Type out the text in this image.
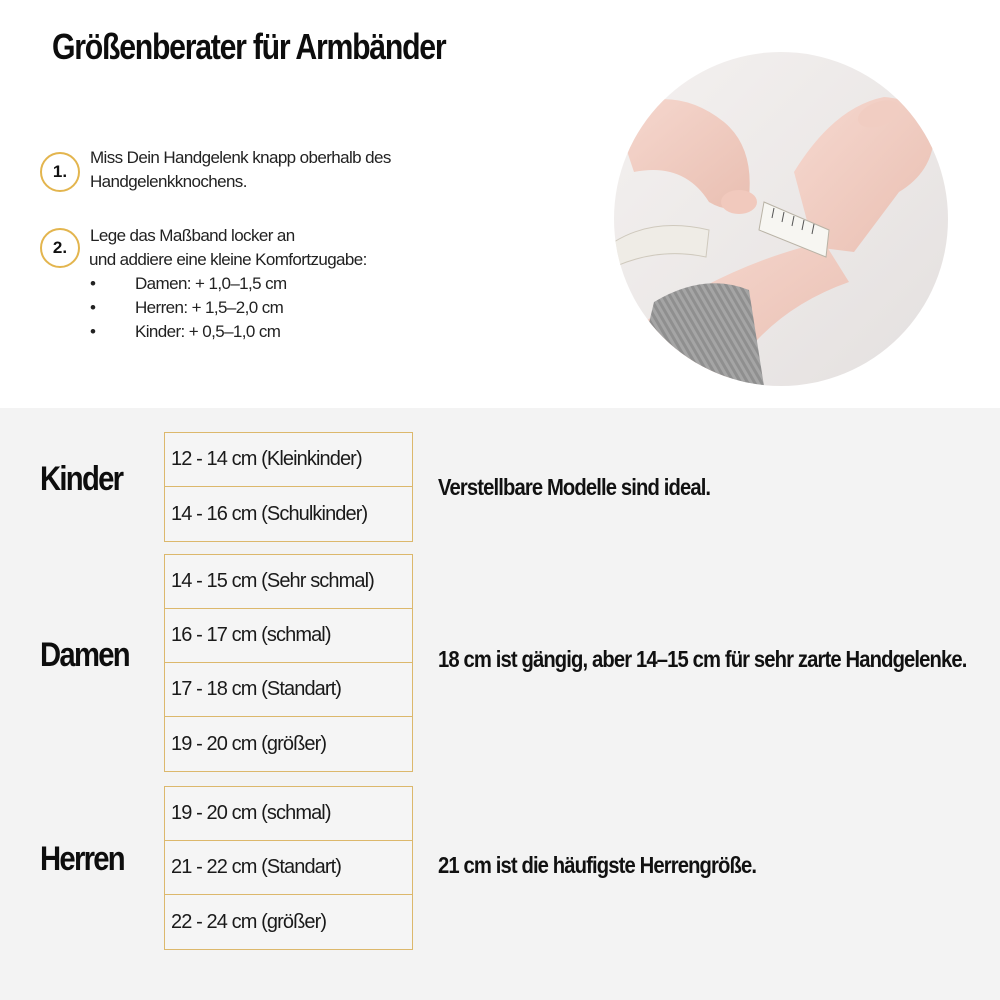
Größenberater für Armbänder
1.
Miss Dein Handgelenk knapp oberhalb des
Handgelenkknochens.
2.
Lege das Maßband locker an
und addiere eine kleine Komfortzugabe:
• Damen: + 1,0–1,5 cm
• Herren: + 1,5–2,0 cm
• Kinder: + 0,5–1,0 cm
Kinder
12 - 14 cm (Kleinkinder)
14 - 16 cm (Schulkinder)
Verstellbare Modelle sind ideal.
Damen
14 - 15 cm (Sehr schmal)
16 - 17 cm (schmal)
17 - 18 cm (Standart)
19 - 20 cm (größer)
18 cm ist gängig, aber 14–15 cm für sehr zarte Handgelenke.
Herren
19 - 20 cm (schmal)
21 - 22 cm (Standart)
22 - 24 cm (größer)
21 cm ist die häufigste Herrengröße.
